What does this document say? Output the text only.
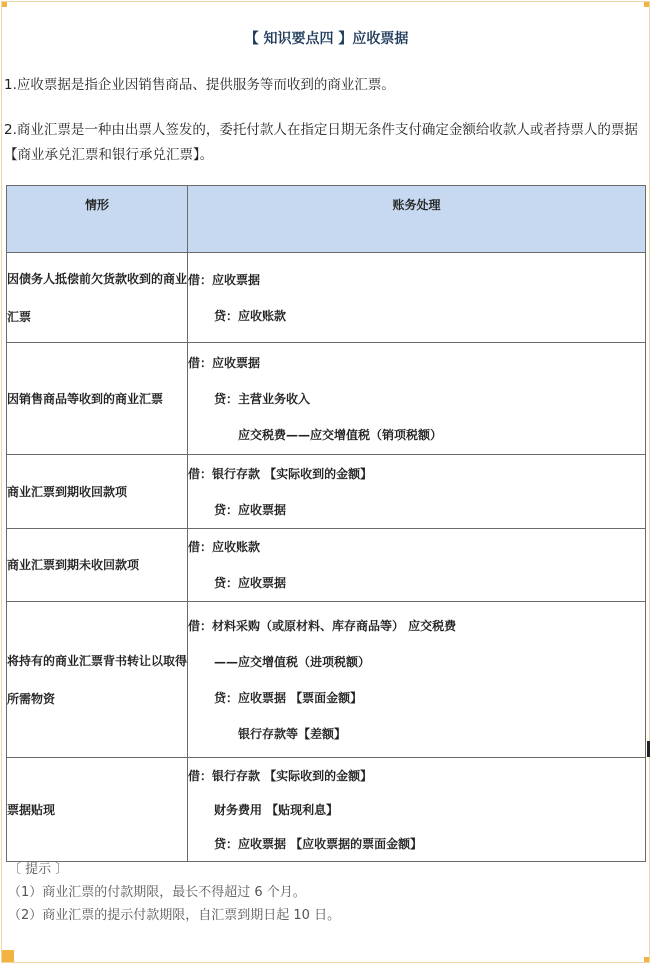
【 知识要点四 】应收票据
1.应收票据是指企业因销售商品、提供服务等而收到的商业汇票。
2.商业汇票是一种由出票人签发的，委托付款人在指定日期无条件支付确定金额给收款人或者持票人的票据【商业承兑汇票和银行承兑汇票】。
情形	账务处理
因债务人抵偿前欠货款收到的商业汇票	借：应收票据
贷：应收账款

因销售商品等收到的商业汇票	借：应收票据
贷：主营业务收入
应交税费——应交增值税（销项税额）

商业汇票到期收回款项	借：银行存款 【实际收到的金额】
贷：应收票据

商业汇票到期未收回款项	借：应收账款
贷：应收票据

将持有的商业汇票背书转让以取得所需物资	借：材料采购（或原材料、库存商品等） 应交税费
——应交增值税（进项税额）
贷：应收票据 【票面金额】
银行存款等【差额】

票据贴现	借：银行存款 【实际收到的金额】
财务费用 【贴现利息】
贷：应收票据 【应收票据的票面金额】
〔 提示 〕
（1）商业汇票的付款期限，最长不得超过 6 个月。
（2）商业汇票的提示付款期限，自汇票到期日起 10 日。
